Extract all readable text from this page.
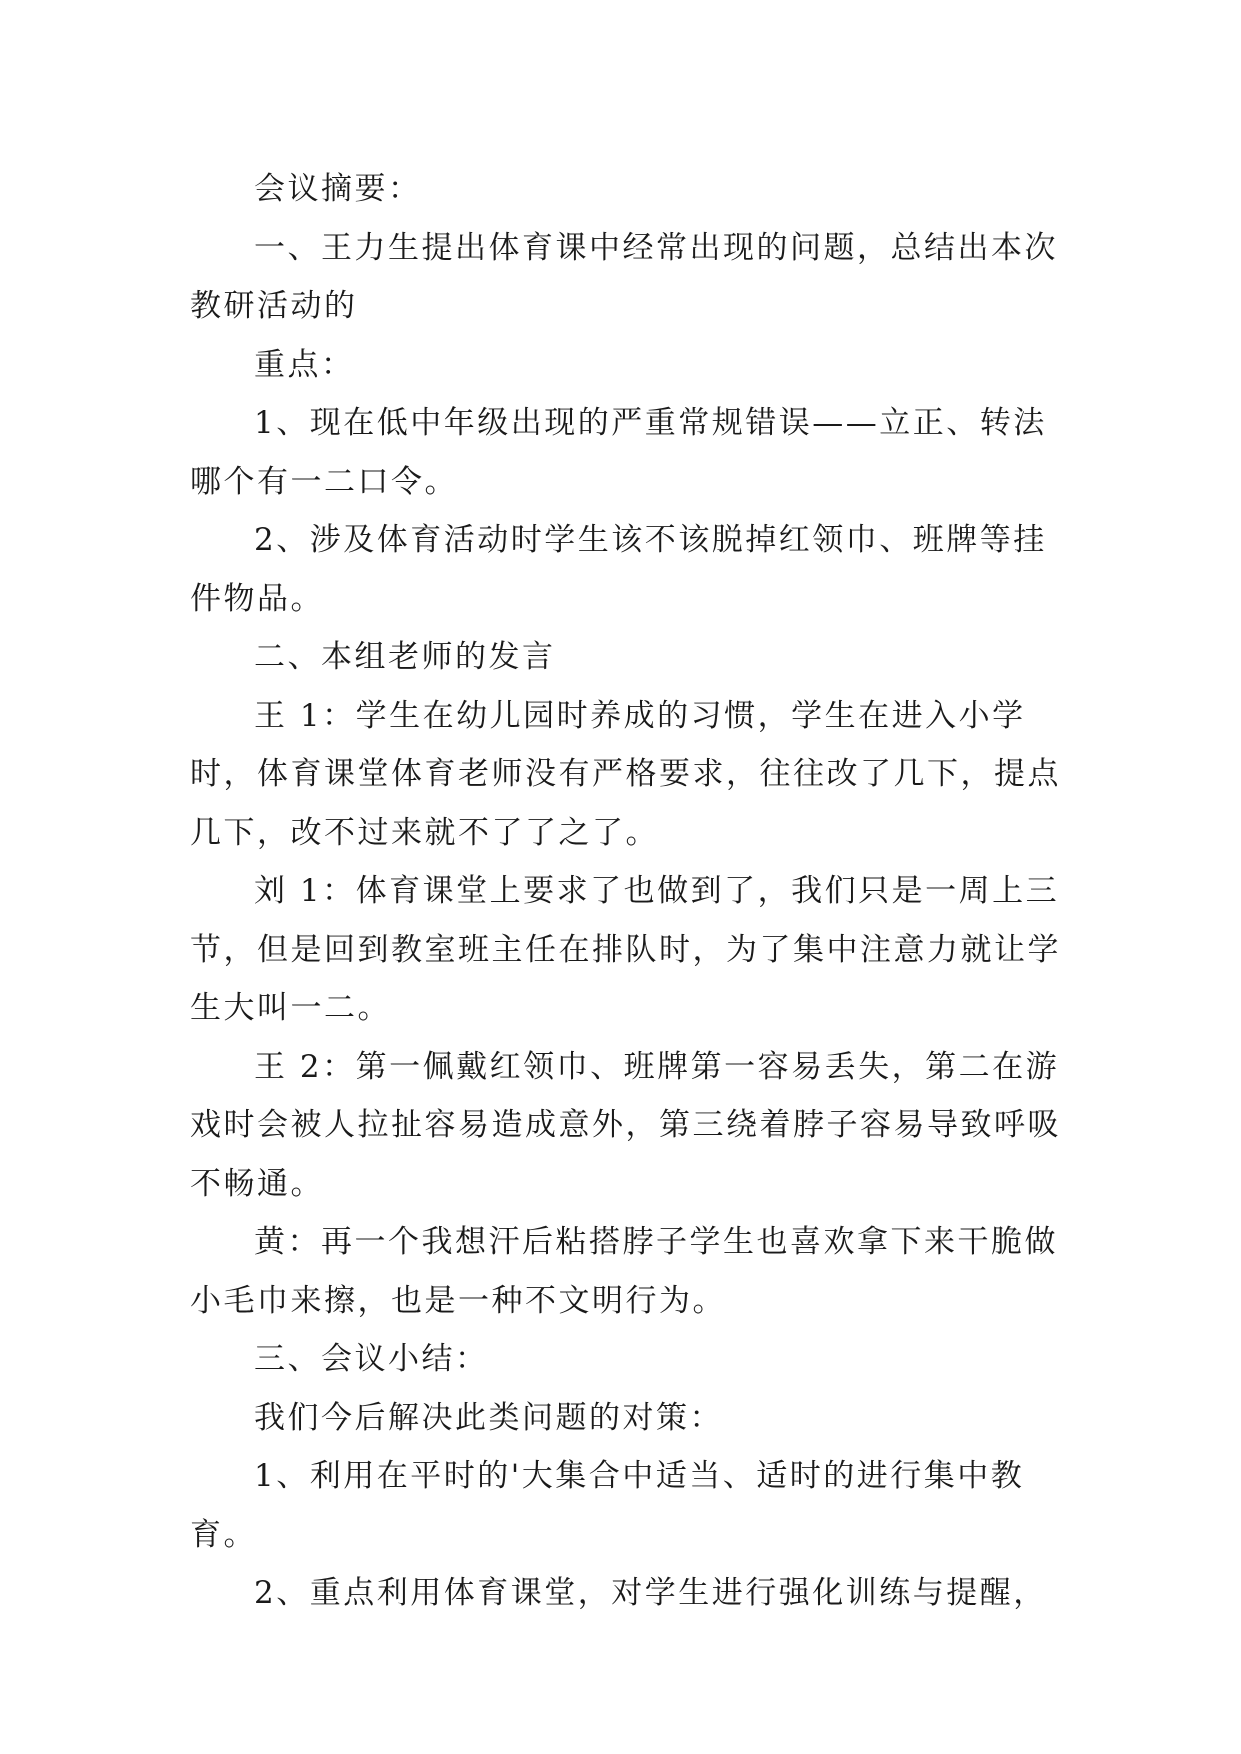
会议摘要：

一、王力生提出体育课中经常出现的问题，总结出本次教研活动的

重点：

1、现在低中年级出现的严重常规错误——立正、转法哪个有一二口令。

2、涉及体育活动时学生该不该脱掉红领巾、班牌等挂件物品。

二、本组老师的发言

王 1：学生在幼儿园时养成的习惯，学生在进入小学时，体育课堂体育老师没有严格要求，往往改了几下，提点几下，改不过来就不了了之了。

刘 1：体育课堂上要求了也做到了，我们只是一周上三节，但是回到教室班主任在排队时，为了集中注意力就让学生大叫一二。

王 2：第一佩戴红领巾、班牌第一容易丢失，第二在游戏时会被人拉扯容易造成意外，第三绕着脖子容易导致呼吸不畅通。

黄：再一个我想汗后粘搭脖子学生也喜欢拿下来干脆做小毛巾来擦，也是一种不文明行为。

三、会议小结：

我们今后解决此类问题的对策：

1、利用在平时的'大集合中适当、适时的进行集中教育。

2、重点利用体育课堂，对学生进行强化训练与提醒，
